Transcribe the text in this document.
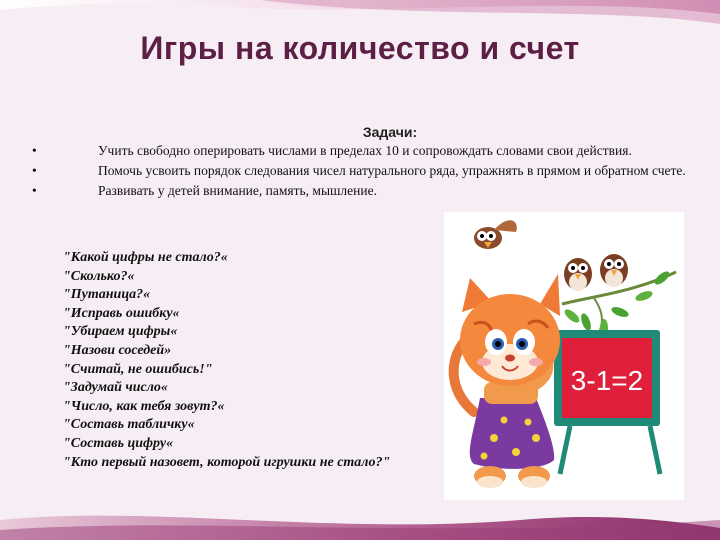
Игры на количество и счет
Задачи:
•	Учить свободно оперировать числами в пределах 10 и сопровождать словами свои действия.
•	Помочь усвоить порядок следования чисел натурального ряда, упражнять в прямом и обратном счете.
•	Развивать у детей внимание, память, мышление.
"Какой цифры не стало?«
"Сколько?«
"Путаница?«
"Исправь ошибку«
"Убираем цифры«
"Назови соседей»
"Считай, не ошибись!"
"Задумай число«
"Число, как тебя зовут?«
"Составь табличку«
"Составь цифру«
"Кто первый назовет, которой игрушки не стало?"
3-1=2
